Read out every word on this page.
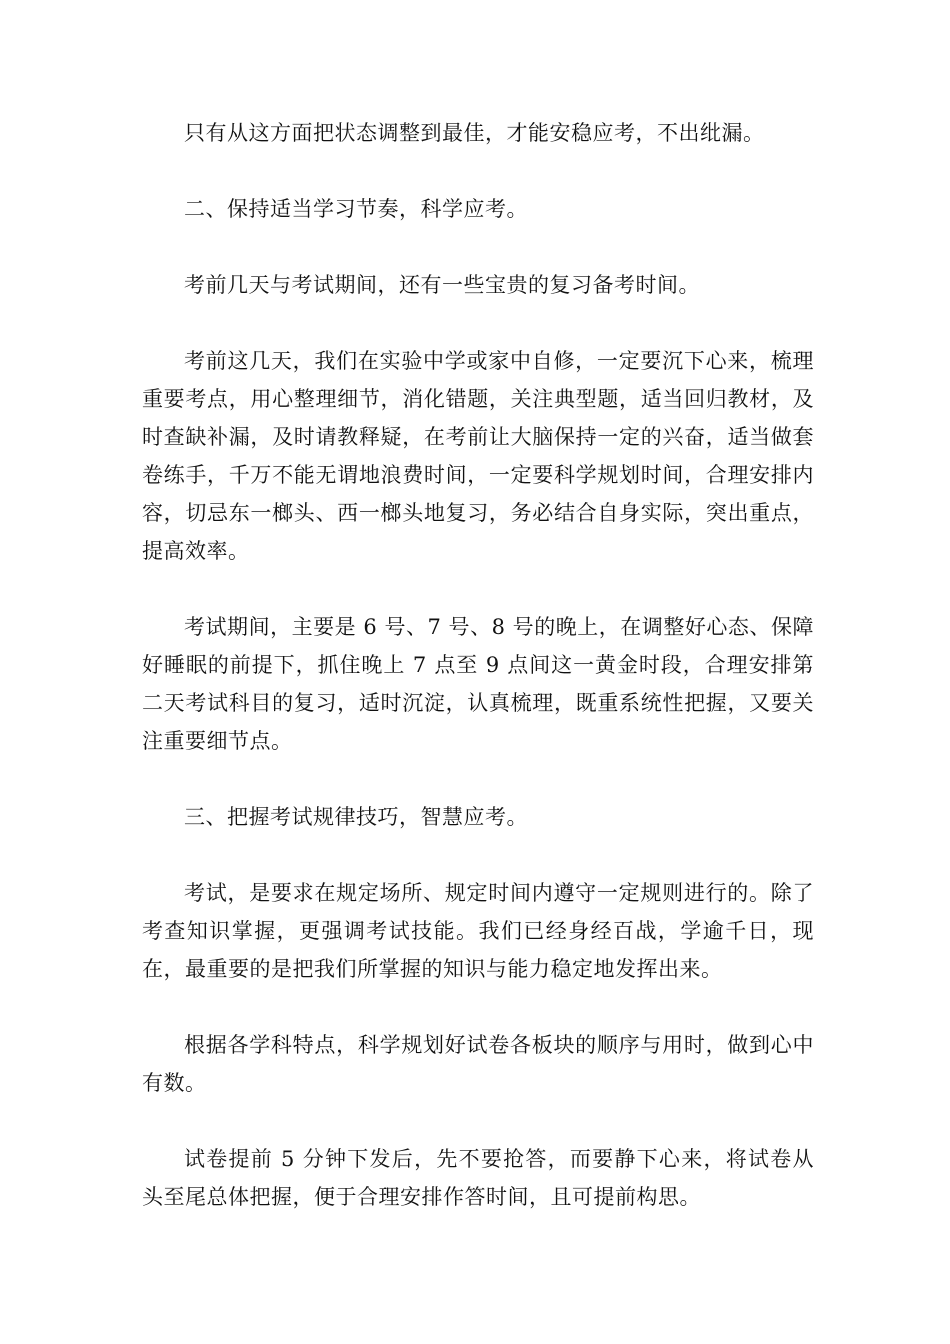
只有从这方面把状态调整到最佳，才能安稳应考，不出纰漏。

二、保持适当学习节奏，科学应考。

考前几天与考试期间，还有一些宝贵的复习备考时间。

考前这几天，我们在实验中学或家中自修，一定要沉下心来，梳理重要考点，用心整理细节，消化错题，关注典型题，适当回归教材，及时查缺补漏，及时请教释疑，在考前让大脑保持一定的兴奋，适当做套卷练手，千万不能无谓地浪费时间，一定要科学规划时间，合理安排内容，切忌东一榔头、西一榔头地复习，务必结合自身实际，突出重点，提高效率。

考试期间，主要是 6 号、7 号、8 号的晚上，在调整好心态、保障好睡眠的前提下，抓住晚上 7 点至 9 点间这一黄金时段，合理安排第二天考试科目的复习，适时沉淀，认真梳理，既重系统性把握，又要关注重要细节点。

三、把握考试规律技巧，智慧应考。

考试，是要求在规定场所、规定时间内遵守一定规则进行的。除了考查知识掌握，更强调考试技能。我们已经身经百战，学逾千日，现在，最重要的是把我们所掌握的知识与能力稳定地发挥出来。

根据各学科特点，科学规划好试卷各板块的顺序与用时，做到心中有数。

试卷提前 5 分钟下发后，先不要抢答，而要静下心来，将试卷从头至尾总体把握，便于合理安排作答时间，且可提前构思。
